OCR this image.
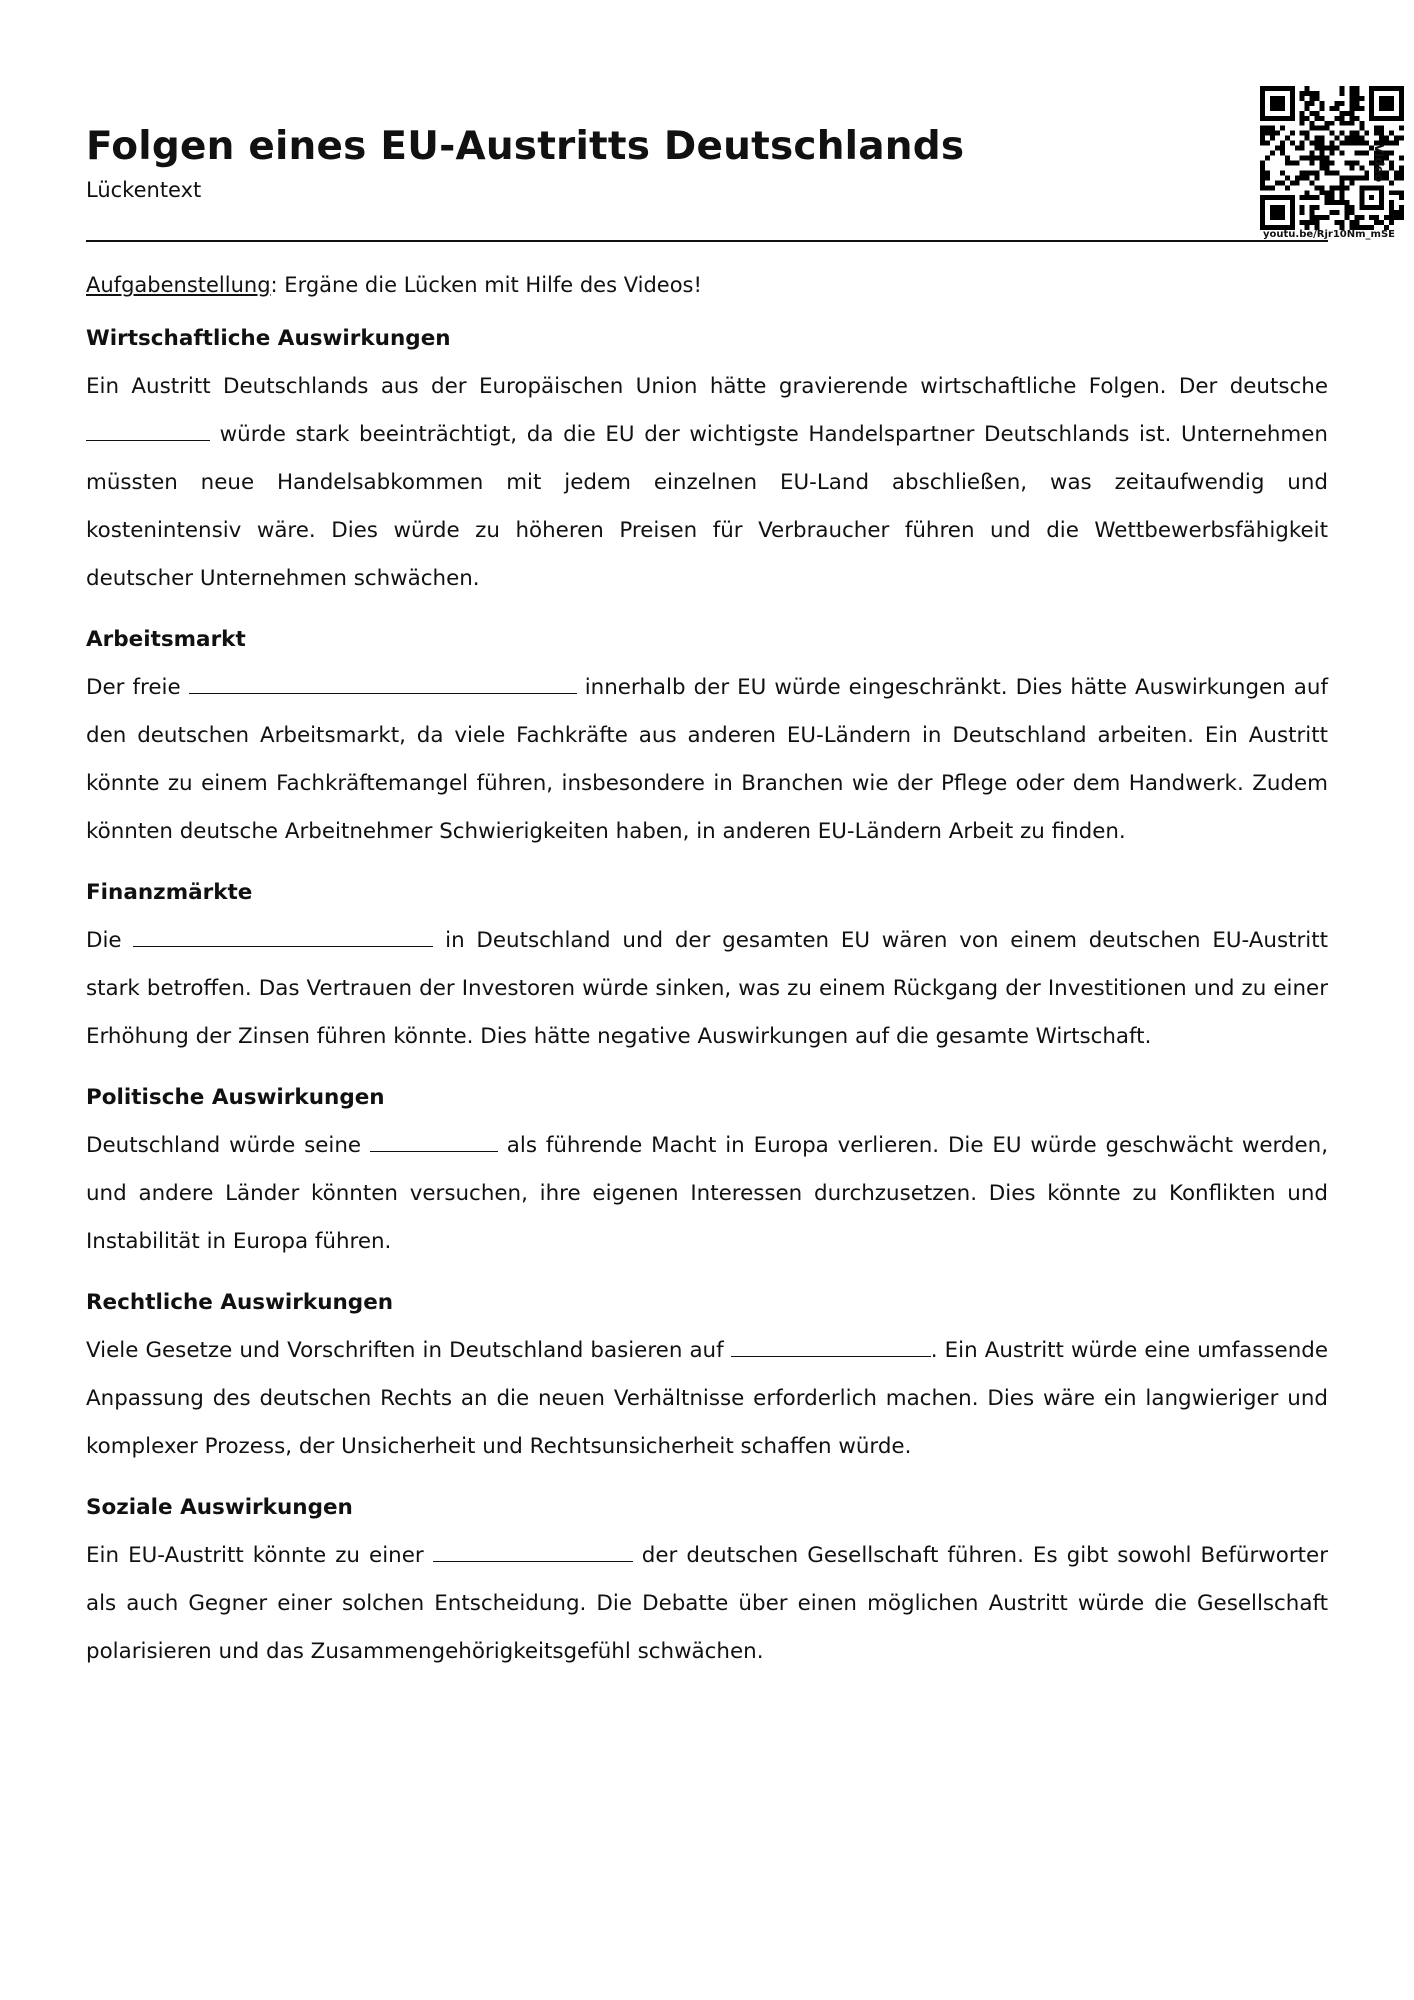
Folgen eines EU-Austritts Deutschlands
Lückentext
Video
youtu.be/Rjr10Nm_mSE

Aufgabenstellung: Ergäne die Lücken mit Hilfe des Videos!

Wirtschaftliche Auswirkungen

Ein Austritt Deutschlands aus der Europäischen Union hätte gravierende wirtschaftliche Folgen. Der deutsche  würde stark beeinträchtigt, da die EU der wichtigste Handelspartner Deutschlands ist. Unternehmen müssten neue Handelsabkommen mit jedem einzelnen EU-Land abschließen, was zeitaufwendig und kostenintensiv wäre. Dies würde zu höheren Preisen für Verbraucher führen und die Wettbewerbsfähigkeit deutscher Unternehmen schwächen.

Arbeitsmarkt

Der freie	innerhalb der EU würde eingeschränkt. Dies hätte Auswirkungen auf den deutschen Arbeitsmarkt, da viele Fachkräfte aus anderen EU-Ländern in Deutschland arbeiten. Ein Austritt könnte zu einem Fachkräftemangel führen, insbesondere in Branchen wie der Pflege oder dem Handwerk. Zudem könnten deutsche Arbeitnehmer Schwierigkeiten haben, in anderen EU-Ländern Arbeit zu finden.

Finanzmärkte

Die	in Deutschland und der gesamten EU wären von einem deutschen EU-Austritt stark betroffen. Das Vertrauen der Investoren würde sinken, was zu einem Rückgang der Investitionen und zu einer Erhöhung der Zinsen führen könnte. Dies hätte negative Auswirkungen auf die gesamte Wirtschaft.

Politische Auswirkungen

Deutschland würde seine	als führende Macht in Europa verlieren. Die EU würde geschwächt werden, und andere Länder könnten versuchen, ihre eigenen Interessen durchzusetzen. Dies könnte zu Konflikten und Instabilität in Europa führen.

Rechtliche Auswirkungen

Viele Gesetze und Vorschriften in Deutschland basieren auf	. Ein Austritt würde eine umfassende Anpassung des deutschen Rechts an die neuen Verhältnisse erforderlich machen. Dies wäre ein langwieriger und komplexer Prozess, der Unsicherheit und Rechtsunsicherheit schaffen würde.

Soziale Auswirkungen

Ein EU-Austritt könnte zu einer	der deutschen Gesellschaft führen. Es gibt sowohl Befürworter als auch Gegner einer solchen Entscheidung. Die Debatte über einen möglichen Austritt würde die Gesellschaft polarisieren und das Zusammengehörigkeitsgefühl schwächen.
